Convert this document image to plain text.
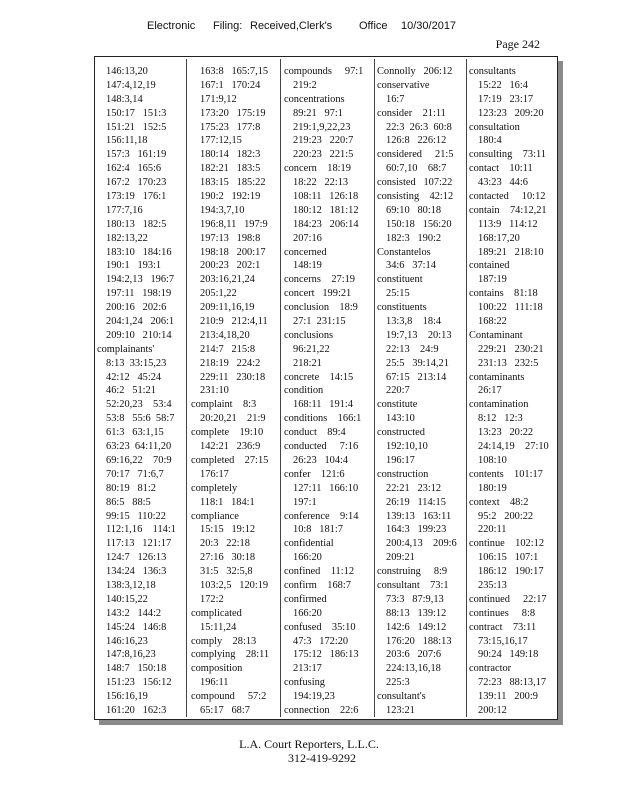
Electronic Filing: Received,Clerk's Office 10/30/2017
Page 242
146:13,20
147:4,12,19
148:3,14
150:17   151:3
151:21   152:5
156:11,18
157:3   161:19
162:4   165:6
167:2   170:23
173:19   176:1
177:7,16
180:13   182:5
182:13,22
183:10   184:16
190:1   193:1
194:2,13   196:7
197:11   198:19
200:16   202:6
204:1,24   206:1
209:10   210:14
complainants'
8:13  33:15,23
42:12   45:24
46:2   51:21
52:20,23    53:4
53:8   55:6  58:7
61:3   63:1,15
63:23  64:11,20
69:16,22    70:9
70:17   71:6,7
80:19   81:2
86:5   88:5
99:15   110:22
112:1,16    114:1
117:13   121:17
124:7   126:13
134:24   136:3
138:3,12,18
140:15,22
143:2   144:2
145:24   146:8
146:16,23
147:8,16,23
148:7   150:18
151:23   156:12
156:16,19
161:20   162:3
163:8   165:7,15
167:1   170:24
171:9,12
173:20   175:19
175:23   177:8
177:12,15
180:14   182:3
182:21   183:5
183:15   185:22
190:2   192:19
194:3,7,10
196:8,11   197:9
197:13   198:8
198:18   200:17
200:23   202:1
203:16,21,24
205:1,22
209:11,16,19
210:9   212:4,11
213:4,18,20
214:7   215:8
218:19   224:2
229:11   230:18
231:10
complaint    8:3
20:20,21    21:9
complete    19:10
142:21   236:9
completed    27:15
176:17
completely
118:1   184:1
compliance
15:15   19:12
20:3   22:18
27:16   30:18
31:5   32:5,8
103:2,5   120:19
172:2
complicated
15:11,24
comply    28:13
complying    28:11
composition
196:11
compound     57:2
65:17   68:7
compounds     97:1
219:2
concentrations
89:21   97:1
219:1,9,22,23
219:23   220:7
220:23   221:5
concern    18:19
18:22   22:13
108:11   126:18
180:12   181:12
184:23   206:14
207:16
concerned
148:19
concerns    27:19
concert   199:21
conclusion    18:9
27:1  231:15
conclusions
96:21,22
218:21
concrete    14:15
condition
168:11   191:4
conditions    166:1
conduct    89:4
conducted     7:16
26:23   104:4
confer    121:6
127:11   166:10
197:1
conference    9:14
10:8   181:7
confidential
166:20
confined    11:12
confirm    168:7
confirmed
166:20
confused    35:10
47:3   172:20
175:12   186:13
213:17
confusing
194:19,23
connection    22:6
Connolly   206:12
conservative
16:7
consider    21:11
22:3  26:3  60:8
126:8   226:12
considered     21:5
60:7,10    68:7
consisted   107:22
consisting    42:12
69:10   80:18
150:18   156:20
182:3   190:2
Constantelos
34:6   37:14
constituent
25:15
constituents
13:3,8    18:4
19:7,13    20:13
22:13    24:9
25:5   39:14,21
67:15   213:14
220:7
constitute
143:10
constructed
192:10,10
196:17
construction
22:21   23:12
26:19   114:15
139:13   163:11
164:3   199:23
200:4,13    209:6
209:21
construing     8:9
consultant    73:1
73:3   87:9,13
88:13   139:12
142:6   149:12
176:20   188:13
203:6   207:6
224:13,16,18
225:3
consultant's
123:21
consultants
15:22   16:4
17:19   23:17
123:23   209:20
consultation
180:4
consulting    73:11
contact    10:11
43:23   44:6
contacted     10:12
contain    74:12,21
113:9   114:12
168:17,20
189:21   218:10
contained
187:19
contains    81:18
100:22   111:18
168:22
Contaminant
229:21   230:21
231:13   232:5
contaminants
26:17
contamination
8:12   12:3
13:23   20:22
24:14,19    27:10
108:10
contents    101:17
180:19
context    48:2
95:2   200:22
220:11
continue    102:12
106:15   107:1
186:12   190:17
235:13
continued     22:17
continues     8:8
contract    73:11
73:15,16,17
90:24   149:18
contractor
72:23   88:13,17
139:11   200:9
200:12
L.A. Court Reporters, L.L.C.
312-419-9292
